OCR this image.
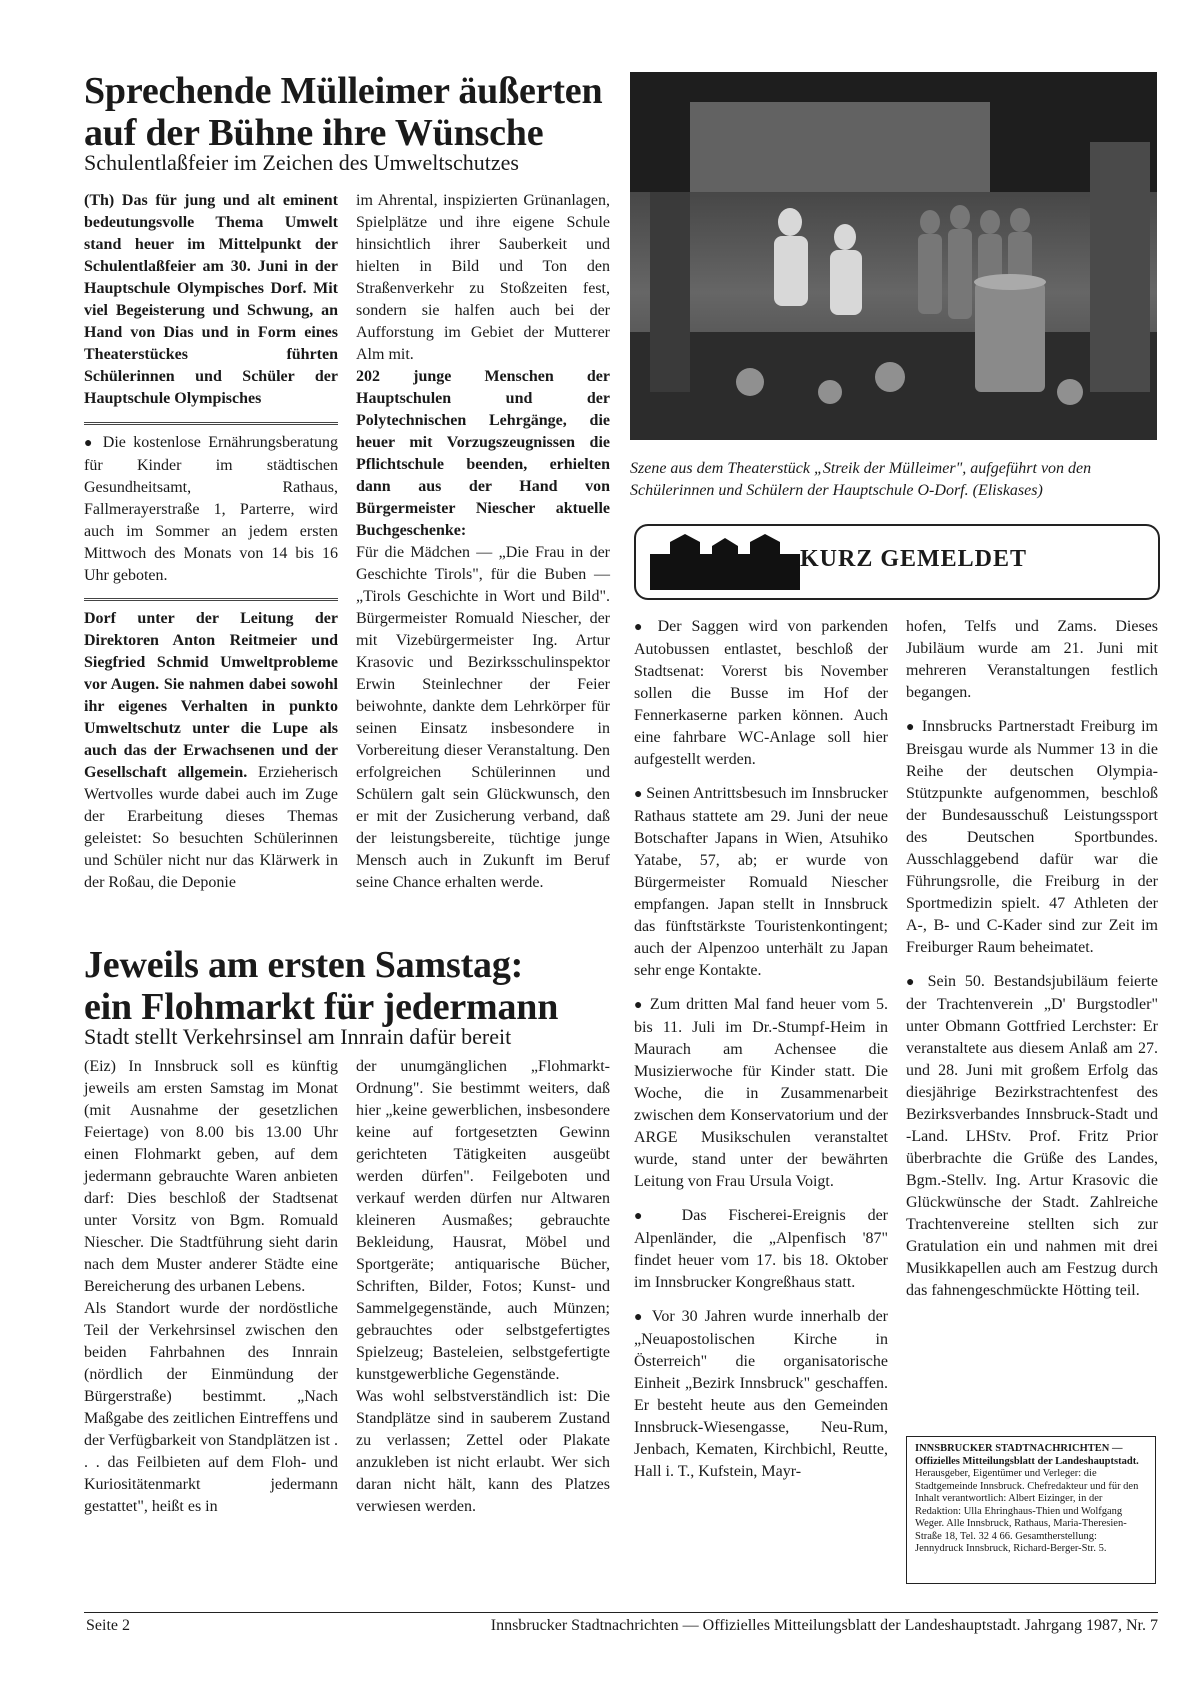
Sprechende Mülleimer äußerten
auf der Bühne ihre Wünsche
Schulentlaßfeier im Zeichen des Umweltschutzes

(Th) Das für jung und alt eminent bedeutungsvolle Thema Umwelt stand heuer im Mittelpunkt der Schulentlaßfeier am 30. Juni in der Hauptschule Olympisches Dorf. Mit viel Begeisterung und Schwung, an Hand von Dias und in Form eines Theaterstückes führten Schülerinnen und Schüler der Hauptschule Olympisches

● Die kostenlose Ernährungsberatung für Kinder im städtischen Gesundheitsamt, Rathaus, Fallmerayerstraße 1, Parterre, wird auch im Sommer an jedem ersten Mittwoch des Monats von 14 bis 16 Uhr geboten.

Dorf unter der Leitung der Direktoren Anton Reitmeier und Siegfried Schmid Umweltprobleme vor Augen. Sie nahmen dabei sowohl ihr eigenes Verhalten in punkto Umweltschutz unter die Lupe als auch das der Erwachsenen und der Gesellschaft allgemein. Erzieherisch Wertvolles wurde dabei auch im Zuge der Erarbeitung dieses Themas geleistet: So besuchten Schülerinnen und Schüler nicht nur das Klärwerk in der Roßau, die Deponie

im Ahrental, inspizierten Grünanlagen, Spielplätze und ihre eigene Schule hinsichtlich ihrer Sauberkeit und hielten in Bild und Ton den Straßenverkehr zu Stoßzeiten fest, sondern sie halfen auch bei der Aufforstung im Gebiet der Mutterer Alm mit.

202 junge Menschen der Hauptschulen und der Polytechnischen Lehrgänge, die heuer mit Vorzugszeugnissen die Pflichtschule beenden, erhielten dann aus der Hand von Bürgermeister Niescher aktuelle Buchgeschenke:

Für die Mädchen — „Die Frau in der Geschichte Tirols", für die Buben — „Tirols Geschichte in Wort und Bild". Bürgermeister Romuald Niescher, der mit Vizebürgermeister Ing. Artur Krasovic und Bezirksschulinspektor Erwin Steinlechner der Feier beiwohnte, dankte dem Lehrkörper für seinen Einsatz insbesondere in Vorbereitung dieser Veranstaltung. Den erfolgreichen Schülerinnen und Schülern galt sein Glückwunsch, den er mit der Zusicherung verband, daß der leistungsbereite, tüchtige junge Mensch auch in Zukunft im Beruf seine Chance erhalten werde.

Szene aus dem Theaterstück „Streik der Mülleimer", aufgeführt von den Schülerinnen und Schülern der Hauptschule O-Dorf. (Eliskases)
KURZ GEMELDET

● Der Saggen wird von parkenden Autobussen entlastet, beschloß der Stadtsenat: Vorerst bis November sollen die Busse im Hof der Fennerkaserne parken können. Auch eine fahrbare WC-Anlage soll hier aufgestellt werden.

● Seinen Antrittsbesuch im Innsbrucker Rathaus stattete am 29. Juni der neue Botschafter Japans in Wien, Atsuhiko Yatabe, 57, ab; er wurde von Bürgermeister Romuald Niescher empfangen. Japan stellt in Innsbruck das fünftstärkste Touristenkontingent; auch der Alpenzoo unterhält zu Japan sehr enge Kontakte.

● Zum dritten Mal fand heuer vom 5. bis 11. Juli im Dr.-Stumpf-Heim in Maurach am Achensee die Musizierwoche für Kinder statt. Die Woche, die in Zusammenarbeit zwischen dem Konservatorium und der ARGE Musikschulen veranstaltet wurde, stand unter der bewährten Leitung von Frau Ursula Voigt.

● Das Fischerei-Ereignis der Alpenländer, die „Alpenfisch '87" findet heuer vom 17. bis 18. Oktober im Innsbrucker Kongreßhaus statt.

● Vor 30 Jahren wurde innerhalb der „Neuapostolischen Kirche in Österreich" die organisatorische Einheit „Bezirk Innsbruck" geschaffen. Er besteht heute aus den Gemeinden Innsbruck-Wiesengasse, Neu-Rum, Jenbach, Kematen, Kirchbichl, Reutte, Hall i. T., Kufstein, Mayr-

hofen, Telfs und Zams. Dieses Jubiläum wurde am 21. Juni mit mehreren Veranstaltungen festlich begangen.

● Innsbrucks Partnerstadt Freiburg im Breisgau wurde als Nummer 13 in die Reihe der deutschen Olympia-Stützpunkte aufgenommen, beschloß der Bundesausschuß Leistungssport des Deutschen Sportbundes. Ausschlaggebend dafür war die Führungsrolle, die Freiburg in der Sportmedizin spielt. 47 Athleten der A-, B- und C-Kader sind zur Zeit im Freiburger Raum beheimatet.

● Sein 50. Bestandsjubiläum feierte der Trachtenverein „D' Burgstodler" unter Obmann Gottfried Lerchster: Er veranstaltete aus diesem Anlaß am 27. und 28. Juni mit großem Erfolg das diesjährige Bezirkstrachtenfest des Bezirksverbandes Innsbruck-Stadt und -Land. LHStv. Prof. Fritz Prior überbrachte die Grüße des Landes, Bgm.-Stellv. Ing. Artur Krasovic die Glückwünsche der Stadt. Zahlreiche Trachtenvereine stellten sich zur Gratulation ein und nahmen mit drei Musikkapellen auch am Festzug durch das fahnengeschmückte Hötting teil.

INNSBRUCKER STADTNACHRICHTEN — Offizielles Mitteilungsblatt der Landeshauptstadt. Herausgeber, Eigentümer und Verleger: die Stadtgemeinde Innsbruck. Chefredakteur und für den Inhalt verantwortlich: Albert Eizinger, in der Redaktion: Ulla Ehringhaus-Thien und Wolfgang Weger. Alle Innsbruck, Rathaus, Maria-Theresien-Straße 18, Tel. 32 4 66. Gesamtherstellung: Jennydruck Innsbruck, Richard-Berger-Str. 5.
Jeweils am ersten Samstag:
ein Flohmarkt für jedermann
Stadt stellt Verkehrsinsel am Innrain dafür bereit

(Eiz) In Innsbruck soll es künftig jeweils am ersten Samstag im Monat (mit Ausnahme der gesetzlichen Feiertage) von 8.00 bis 13.00 Uhr einen Flohmarkt geben, auf dem jedermann gebrauchte Waren anbieten darf: Dies beschloß der Stadtsenat unter Vorsitz von Bgm. Romuald Niescher. Die Stadtführung sieht darin nach dem Muster anderer Städte eine Bereicherung des urbanen Lebens.

Als Standort wurde der nordöstliche Teil der Verkehrsinsel zwischen den beiden Fahrbahnen des Innrain (nördlich der Einmündung der Bürgerstraße) bestimmt. „Nach Maßgabe des zeitlichen Eintreffens und der Verfügbarkeit von Standplätzen ist . . . das Feilbieten auf dem Floh- und Kuriositätenmarkt jedermann gestattet", heißt es in

der unumgänglichen „Flohmarkt-Ordnung". Sie bestimmt weiters, daß hier „keine gewerblichen, insbesondere keine auf fortgesetzten Gewinn gerichteten Tätigkeiten ausgeübt werden dürfen". Feilgeboten und verkauf werden dürfen nur Altwaren kleineren Ausmaßes; gebrauchte Bekleidung, Hausrat, Möbel und Sportgeräte; antiquarische Bücher, Schriften, Bilder, Fotos; Kunst- und Sammelgegenstände, auch Münzen; gebrauchtes oder selbstgefertigtes Spielzeug; Basteleien, selbstgefertigte kunstgewerbliche Gegenstände.

Was wohl selbstverständlich ist: Die Standplätze sind in sauberem Zustand zu verlassen; Zettel oder Plakate anzukleben ist nicht erlaubt. Wer sich daran nicht hält, kann des Platzes verwiesen werden.

Seite 2	Innsbrucker Stadtnachrichten — Offizielles Mitteilungsblatt der Landeshauptstadt. Jahrgang 1987, Nr. 7
